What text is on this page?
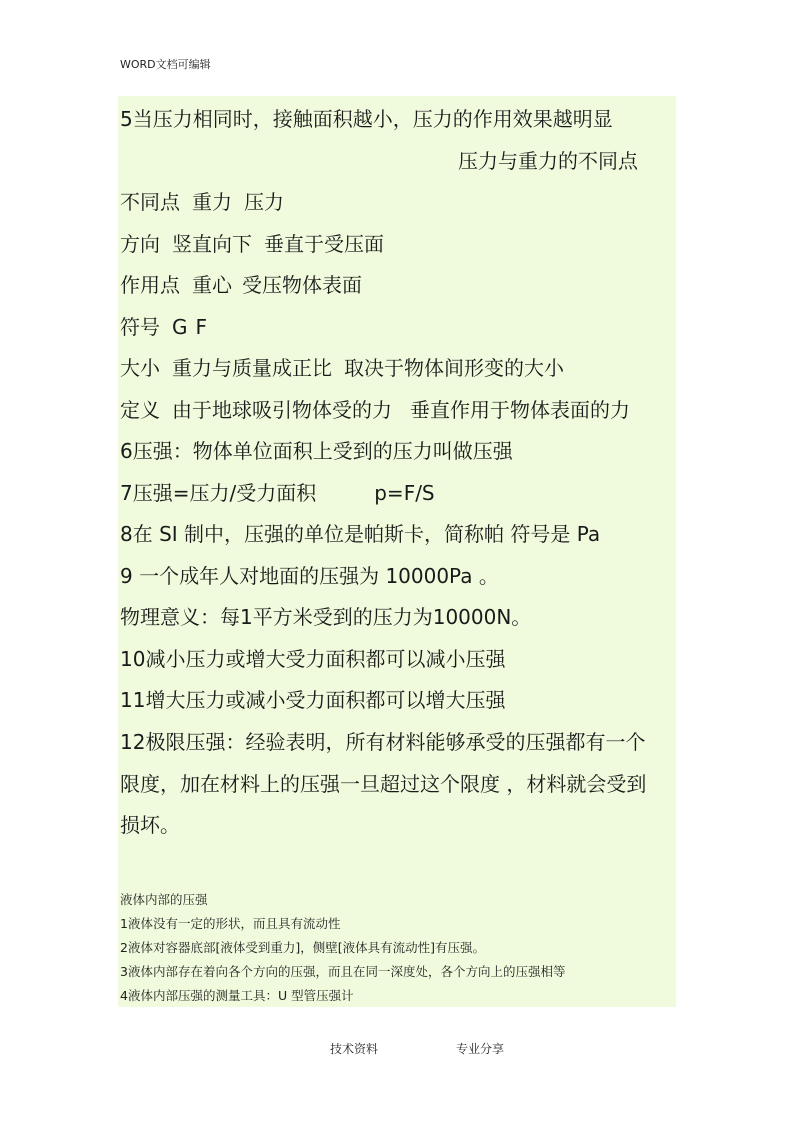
WORD文档可编辑
5当压力相同时，接触面积越小，压力的作用效果越明显
压力与重力的不同点
不同点 重力 压力
方向 竖直向下 垂直于受压面
作用点 重心 受压物体表面
符号 G F
大小 重力与质量成正比 取决于物体间形变的大小
定义 由于地球吸引物体受的力 垂直作用于物体表面的力
6压强：物体单位面积上受到的压力叫做压强
7压强=压力/受力面积	p=F/S
8在 SI 制中，压强的单位是帕斯卡，简称帕 符号是 Pa
9 一个成年人对地面的压强为 10000Pa 。
物理意义：每1平方米受到的压力为10000N。
10减小压力或增大受力面积都可以减小压强
11增大压力或减小受力面积都可以增大压强
12极限压强：经验表明，所有材料能够承受的压强都有一个
限度，加在材料上的压强一旦超过这个限度 ，材料就会受到
损坏。
液体内部的压强
1液体没有一定的形状，而且具有流动性
2液体对容器底部[液体受到重力]，侧壁[液体具有流动性]有压强。
3液体内部存在着向各个方向的压强，而且在同一深度处，各个方向上的压强相等
4液体内部压强的测量工具：U 型管压强计
技术资料	专业分享
